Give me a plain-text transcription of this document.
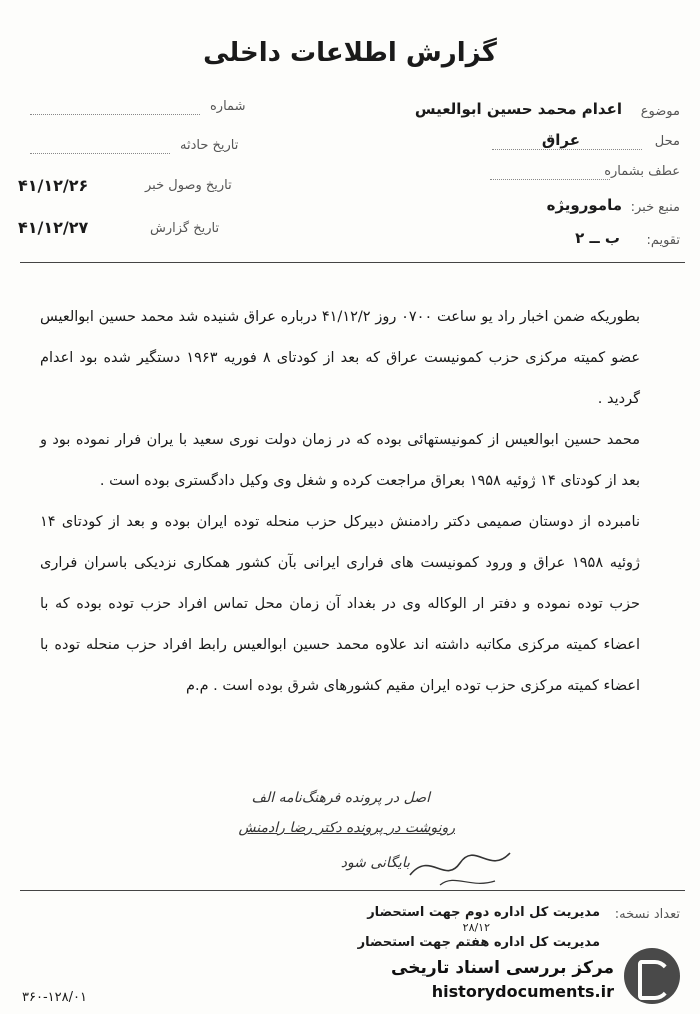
گزارش اطلاعات داخلی
موضوع
اعدام محمد حسین ابوالعیس
محل
عراق
عطف بشماره
منبع خبر:
مامورویژه
تقویم:
ب ــ ۲
شماره
تاریخ حادثه
تاریخ وصول خبر
۴۱/۱۲/۲۶
تاریخ گزارش
۴۱/۱۲/۲۷

بطوریکه ضمن اخبار راد یو ساعت ۰۷۰۰ روز ۴۱/۱۲/۲ درباره عراق شنیده شد محمد حسین ابوالعیس عضو کمیته مرکزی حزب کمونیست عراق که بعد از کودتای ۸ فوریه ۱۹۶۳ دستگیر شده بود اعدام گردید .

محمد حسین ابوالعیس از کمونیستهائی بوده که در زمان دولت نوری سعید با یران فرار نموده بود و بعد از کودتای ۱۴ ژوئیه ۱۹۵۸ بعراق مراجعت کرده و شغل وی وکیل دادگستری بوده است .

نامبرده از دوستان صمیمی دکتر رادمنش دبیرکل حزب منحله توده ایران بوده و بعد از کودتای ۱۴ ژوئیه ۱۹۵۸ عراق و ورود کمونیست های فراری ایرانی بآن کشور همکاری نزدیکی باسران فراری حزب توده نموده و دفتر ار الوکاله وی در بغداد آن زمان محل تماس افراد حزب توده بوده که با اعضاء کمیته مرکزی مکاتبه داشته اند علاوه محمد حسین ابوالعیس رابط افراد حزب منحله توده با اعضاء کمیته مرکزی حزب توده ایران مقیم کشورهای شرق بوده است . م.م

اصل در پرونده فرهنگ‌نامه الف
رونوشت در پرونده دکتر رضا رادمنش
بایگانی شود
تعداد نسخه:
مدیریت کل اداره دوم جهت استحضار
۲۸/۱۲
مدیریت کل اداره هفتم جهت استحضار
۳۶۰-۱۲۸/۰۱
مرکز بررسی اسناد تاریخی
historydocuments.ir
